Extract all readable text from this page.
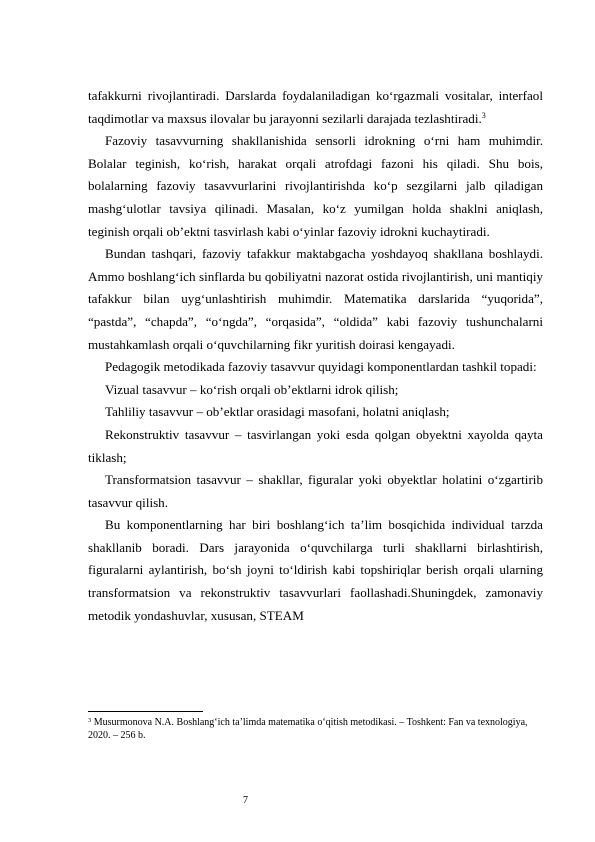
tafakkurni rivojlantiradi. Darslarda foydalaniladigan ko‘rgazmali vositalar, interfaol taqdimotlar va maxsus ilovalar bu jarayonni sezilarli darajada tezlashtiradi.$^3$

Fazoviy tasavvurning shakllanishida sensorli idrokning o‘rni ham muhimdir. Bolalar teginish, ko‘rish, harakat orqali atrofdagi fazoni his qiladi. Shu bois, bolalarning fazoviy tasavvurlarini rivojlantirishda ko‘p sezgilarni jalb qiladigan mashg‘ulotlar tavsiya qilinadi. Masalan, ko‘z yumilgan holda shaklni aniqlash, teginish orqali ob’ektni tasvirlash kabi o‘yinlar fazoviy idrokni kuchaytiradi.

Bundan tashqari, fazoviy tafakkur maktabgacha yoshdayoq shakllana boshlaydi. Ammo boshlang‘ich sinflarda bu qobiliyatni nazorat ostida rivojlantirish, uni mantiqiy tafakkur bilan uyg‘unlashtirish muhimdir. Matematika darslarida “yuqorida”, “pastda”, “chapda”, “o‘ngda”, “orqasida”, “oldida” kabi fazoviy tushunchalarni mustahkamlash orqali o‘quvchilarning fikr yuritish doirasi kengayadi.

Pedagogik metodikada fazoviy tasavvur quyidagi komponentlardan tashkil topadi:

Vizual tasavvur – ko‘rish orqali ob’ektlarni idrok qilish;

Tahliliy tasavvur – ob’ektlar orasidagi masofani, holatni aniqlash;

Rekonstruktiv tasavvur – tasvirlangan yoki esda qolgan obyektni xayolda qayta tiklash;

Transformatsion tasavvur – shakllar, figuralar yoki obyektlar holatini o‘zgartirib tasavvur qilish.

Bu komponentlarning har biri boshlang‘ich ta’lim bosqichida individual tarzda shakllanib boradi. Dars jarayonida o‘quvchilarga turli shakllarni birlashtirish, figuralarni aylantirish, bo‘sh joyni to‘ldirish kabi topshiriqlar berish orqali ularning transformatsion va rekonstruktiv tasavvurlari faollashadi.Shuningdek, zamonaviy metodik yondashuvlar, xususan, STEAM

$^3$ Musurmonova N.A. Boshlang‘ich ta’limda matematika o‘qitish metodikasi. – Toshkent: Fan va texnologiya, 2020. – 256 b.
7
